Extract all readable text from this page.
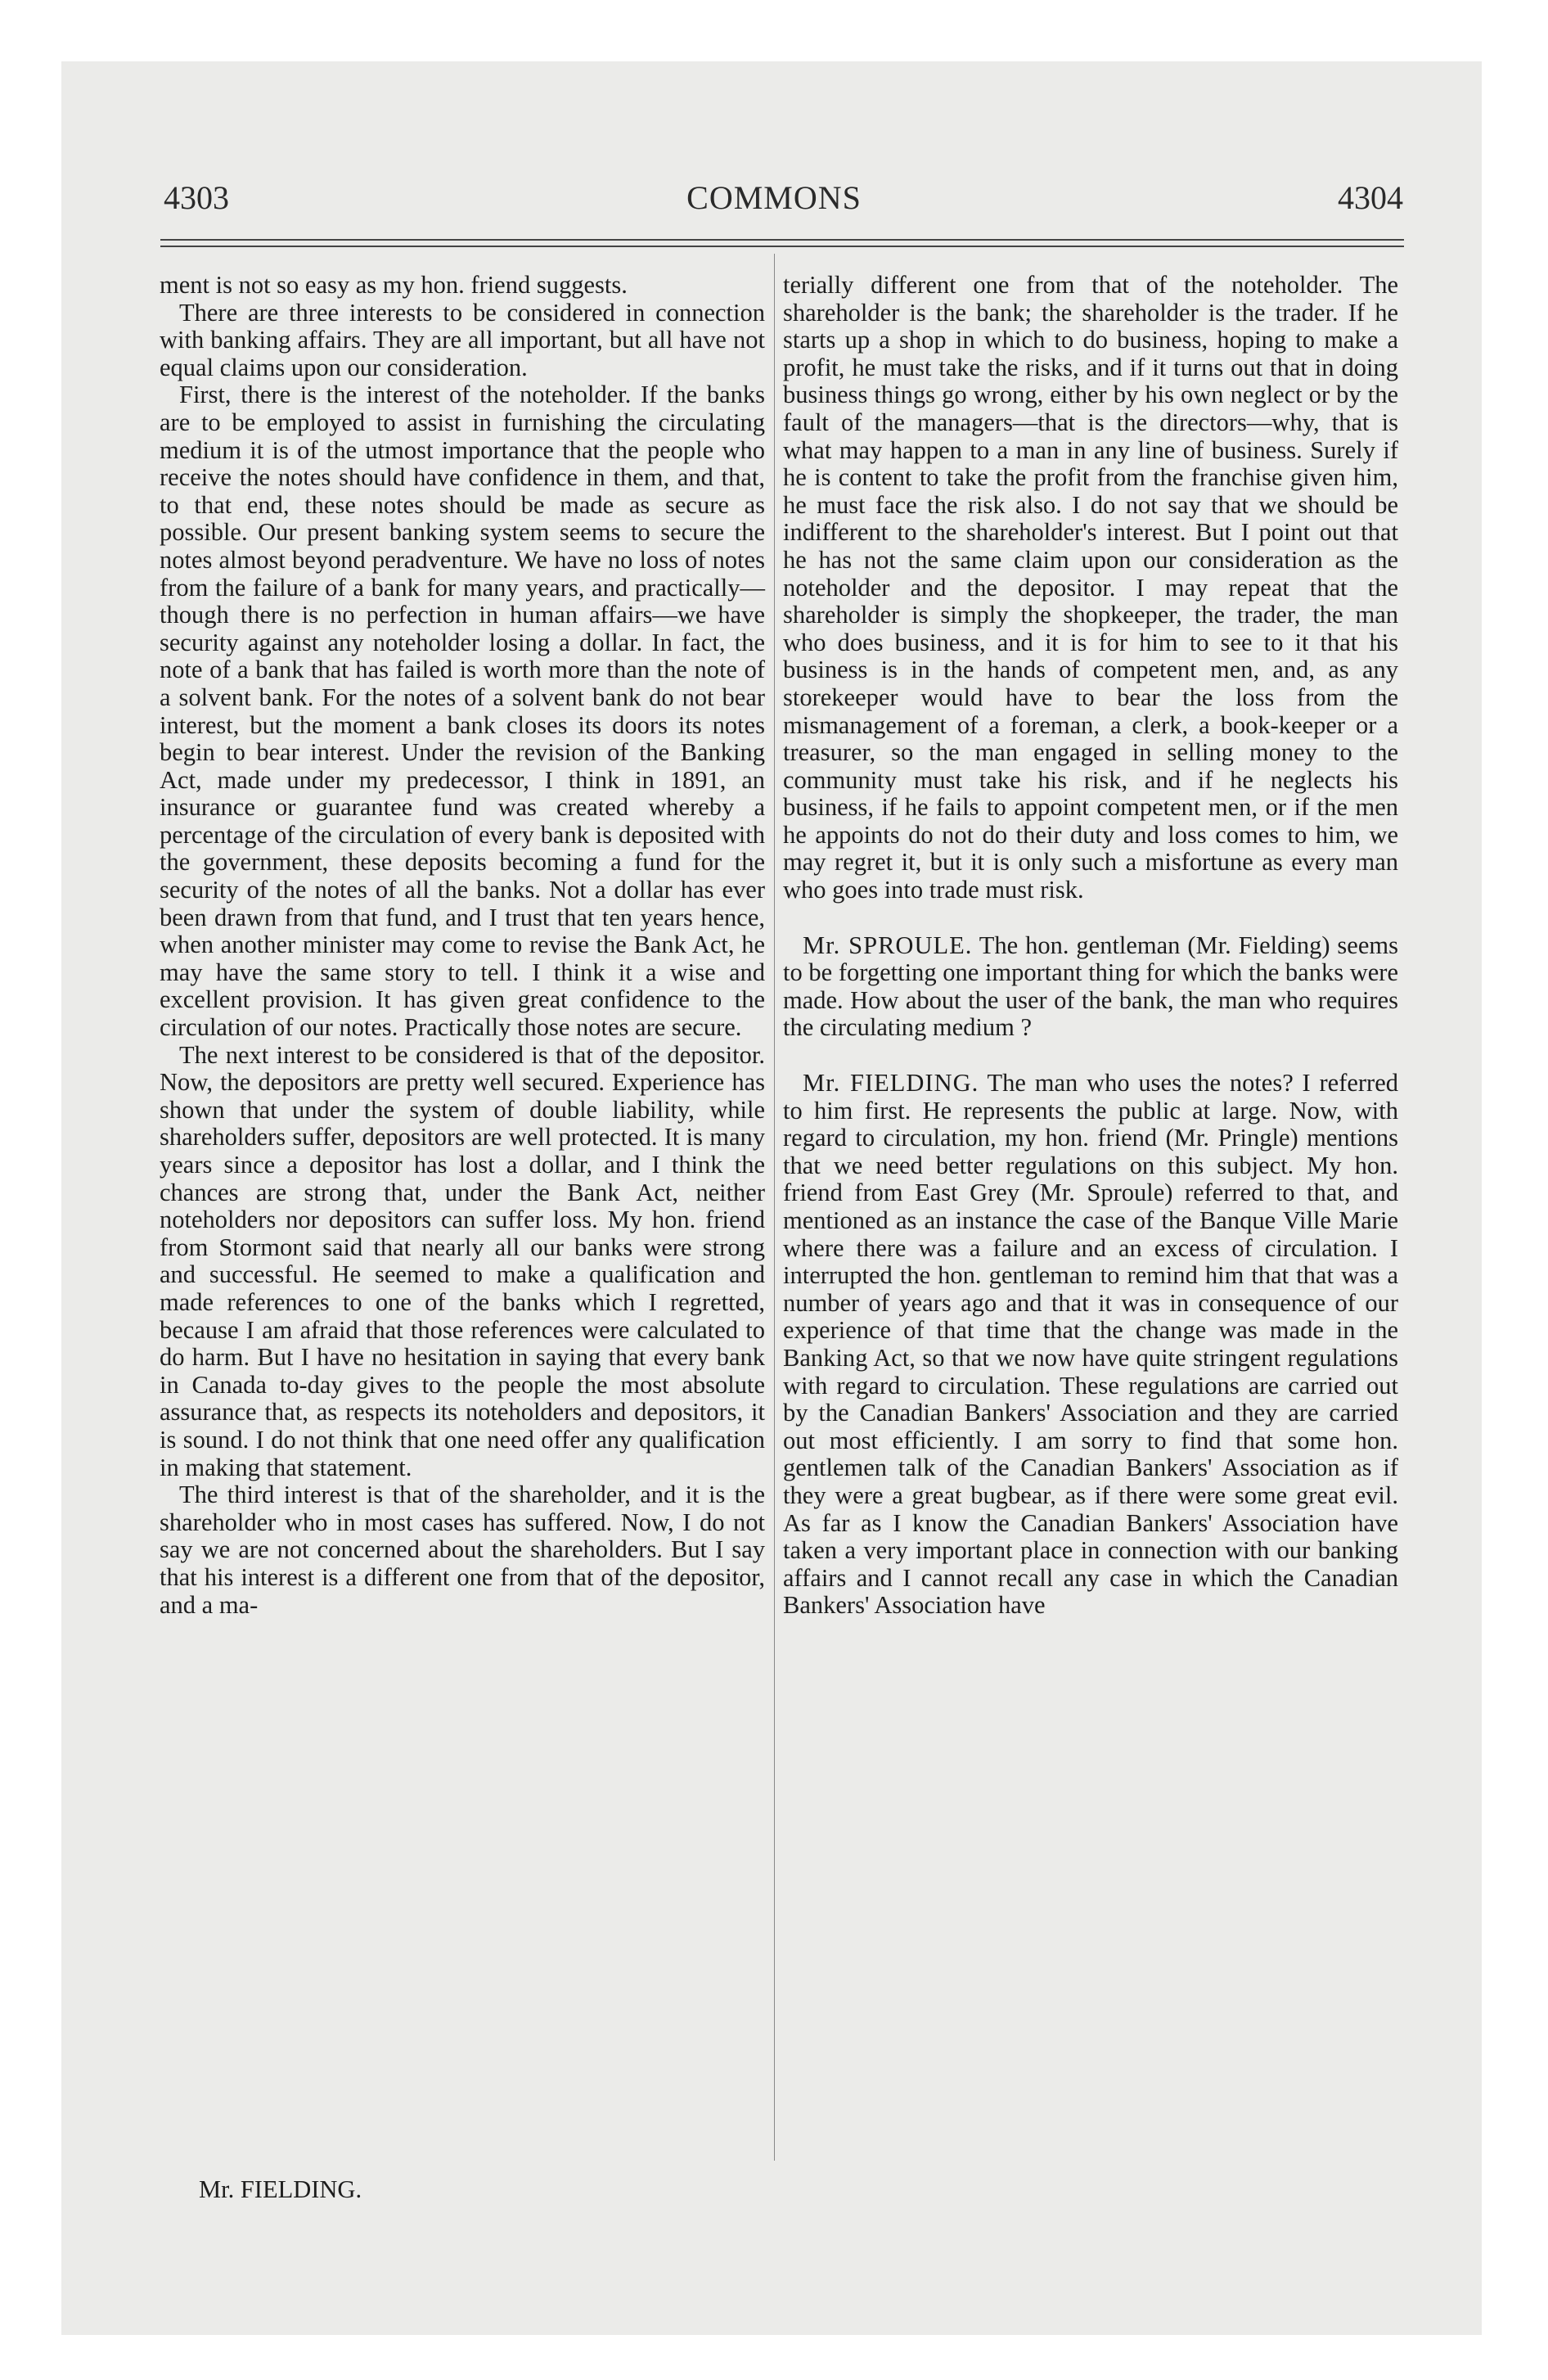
4303	COMMONS	4304

ment is not so easy as my hon. friend suggests.

There are three interests to be considered in connection with banking affairs. They are all important, but all have not equal claims upon our consideration.

First, there is the interest of the noteholder. If the banks are to be employed to assist in furnishing the circulating medium it is of the utmost importance that the people who receive the notes should have confidence in them, and that, to that end, these notes should be made as secure as possible. Our present banking system seems to secure the notes almost beyond peradventure. We have no loss of notes from the failure of a bank for many years, and practically—though there is no perfection in human affairs—we have security against any noteholder losing a dollar. In fact, the note of a bank that has failed is worth more than the note of a solvent bank. For the notes of a solvent bank do not bear interest, but the moment a bank closes its doors its notes begin to bear interest. Under the revision of the Banking Act, made under my predecessor, I think in 1891, an insurance or guarantee fund was created whereby a percentage of the circulation of every bank is deposited with the government, these deposits becoming a fund for the security of the notes of all the banks. Not a dollar has ever been drawn from that fund, and I trust that ten years hence, when another minister may come to revise the Bank Act, he may have the same story to tell. I think it a wise and excellent provision. It has given great confidence to the circulation of our notes. Practically those notes are secure.

The next interest to be considered is that of the depositor. Now, the depositors are pretty well secured. Experience has shown that under the system of double liability, while shareholders suffer, depositors are well protected. It is many years since a depositor has lost a dollar, and I think the chances are strong that, under the Bank Act, neither noteholders nor depositors can suffer loss. My hon. friend from Stormont said that nearly all our banks were strong and successful. He seemed to make a qualification and made references to one of the banks which I regretted, because I am afraid that those references were calculated to do harm. But I have no hesitation in saying that every bank in Canada to-day gives to the people the most absolute assurance that, as respects its noteholders and depositors, it is sound. I do not think that one need offer any qualification in making that statement.

The third interest is that of the shareholder, and it is the shareholder who in most cases has suffered. Now, I do not say we are not concerned about the shareholders. But I say that his interest is a different one from that of the depositor, and a ma-

Mr. FIELDING.

terially different one from that of the noteholder. The shareholder is the bank; the shareholder is the trader. If he starts up a shop in which to do business, hoping to make a profit, he must take the risks, and if it turns out that in doing business things go wrong, either by his own neglect or by the fault of the managers—that is the directors—why, that is what may happen to a man in any line of business. Surely if he is content to take the profit from the franchise given him, he must face the risk also. I do not say that we should be indifferent to the shareholder's interest. But I point out that he has not the same claim upon our consideration as the noteholder and the depositor. I may repeat that the shareholder is simply the shopkeeper, the trader, the man who does business, and it is for him to see to it that his business is in the hands of competent men, and, as any storekeeper would have to bear the loss from the mismanagement of a foreman, a clerk, a book-keeper or a treasurer, so the man engaged in selling money to the community must take his risk, and if he neglects his business, if he fails to appoint competent men, or if the men he appoints do not do their duty and loss comes to him, we may regret it, but it is only such a misfortune as every man who goes into trade must risk.

Mr. SPROULE. The hon. gentleman (Mr. Fielding) seems to be forgetting one important thing for which the banks were made. How about the user of the bank, the man who requires the circulating medium ?

Mr. FIELDING. The man who uses the notes? I referred to him first. He represents the public at large. Now, with regard to circulation, my hon. friend (Mr. Pringle) mentions that we need better regulations on this subject. My hon. friend from East Grey (Mr. Sproule) referred to that, and mentioned as an instance the case of the Banque Ville Marie where there was a failure and an excess of circulation. I interrupted the hon. gentleman to remind him that that was a number of years ago and that it was in consequence of our experience of that time that the change was made in the Banking Act, so that we now have quite stringent regulations with regard to circulation. These regulations are carried out by the Canadian Bankers' Association and they are carried out most efficiently. I am sorry to find that some hon. gentlemen talk of the Canadian Bankers' Association as if they were a great bugbear, as if there were some great evil. As far as I know the Canadian Bankers' Association have taken a very important place in connection with our banking affairs and I cannot recall any case in which the Canadian Bankers' Association have
